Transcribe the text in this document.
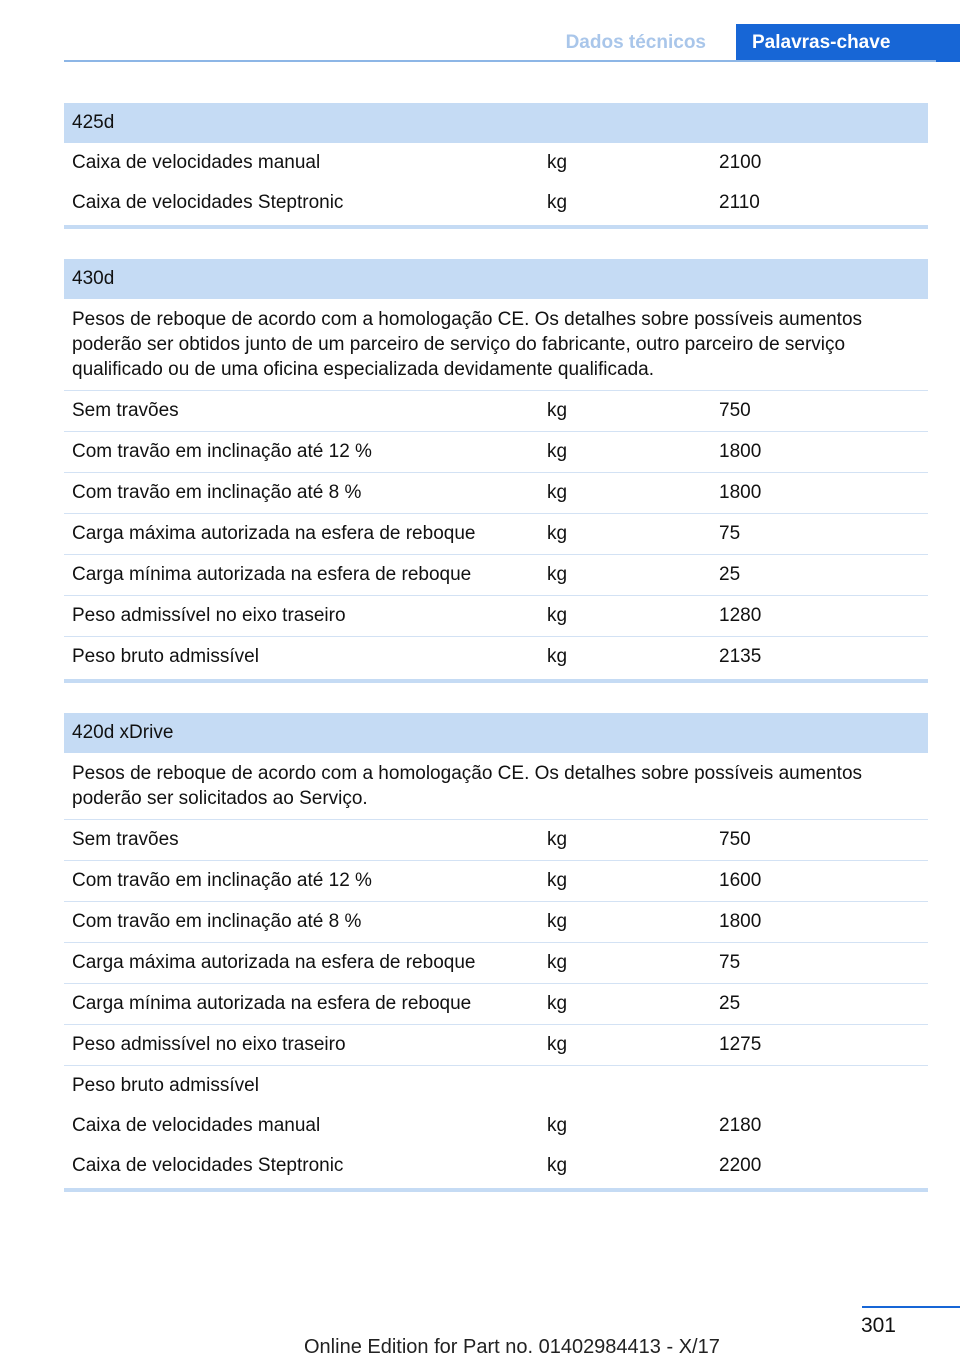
Dados técnicos	Palavras-chave
425d
Caixa de velocidades manual	kg	2100
Caixa de velocidades Steptronic	kg	2110
430d
Pesos de reboque de acordo com a homologação CE. Os detalhes sobre possíveis aumentos poderão ser obtidos junto de um parceiro de serviço do fabricante, outro parceiro de serviço qualificado ou de uma oficina especializada devidamente qualificada.
Sem travões	kg	750
Com travão em inclinação até 12 %	kg	1800
Com travão em inclinação até 8 %	kg	1800
Carga máxima autorizada na esfera de reboque	kg	75
Carga mínima autorizada na esfera de reboque	kg	25
Peso admissível no eixo traseiro	kg	1280
Peso bruto admissível	kg	2135
420d xDrive
Pesos de reboque de acordo com a homologação CE. Os detalhes sobre possíveis aumentos poderão ser solicitados ao Serviço.
Sem travões	kg	750
Com travão em inclinação até 12 %	kg	1600
Com travão em inclinação até 8 %	kg	1800
Carga máxima autorizada na esfera de reboque	kg	75
Carga mínima autorizada na esfera de reboque	kg	25
Peso admissível no eixo traseiro	kg	1275
Peso bruto admissível
Caixa de velocidades manual	kg	2180
Caixa de velocidades Steptronic	kg	2200
301
Online Edition for Part no. 01402984413 - X/17
